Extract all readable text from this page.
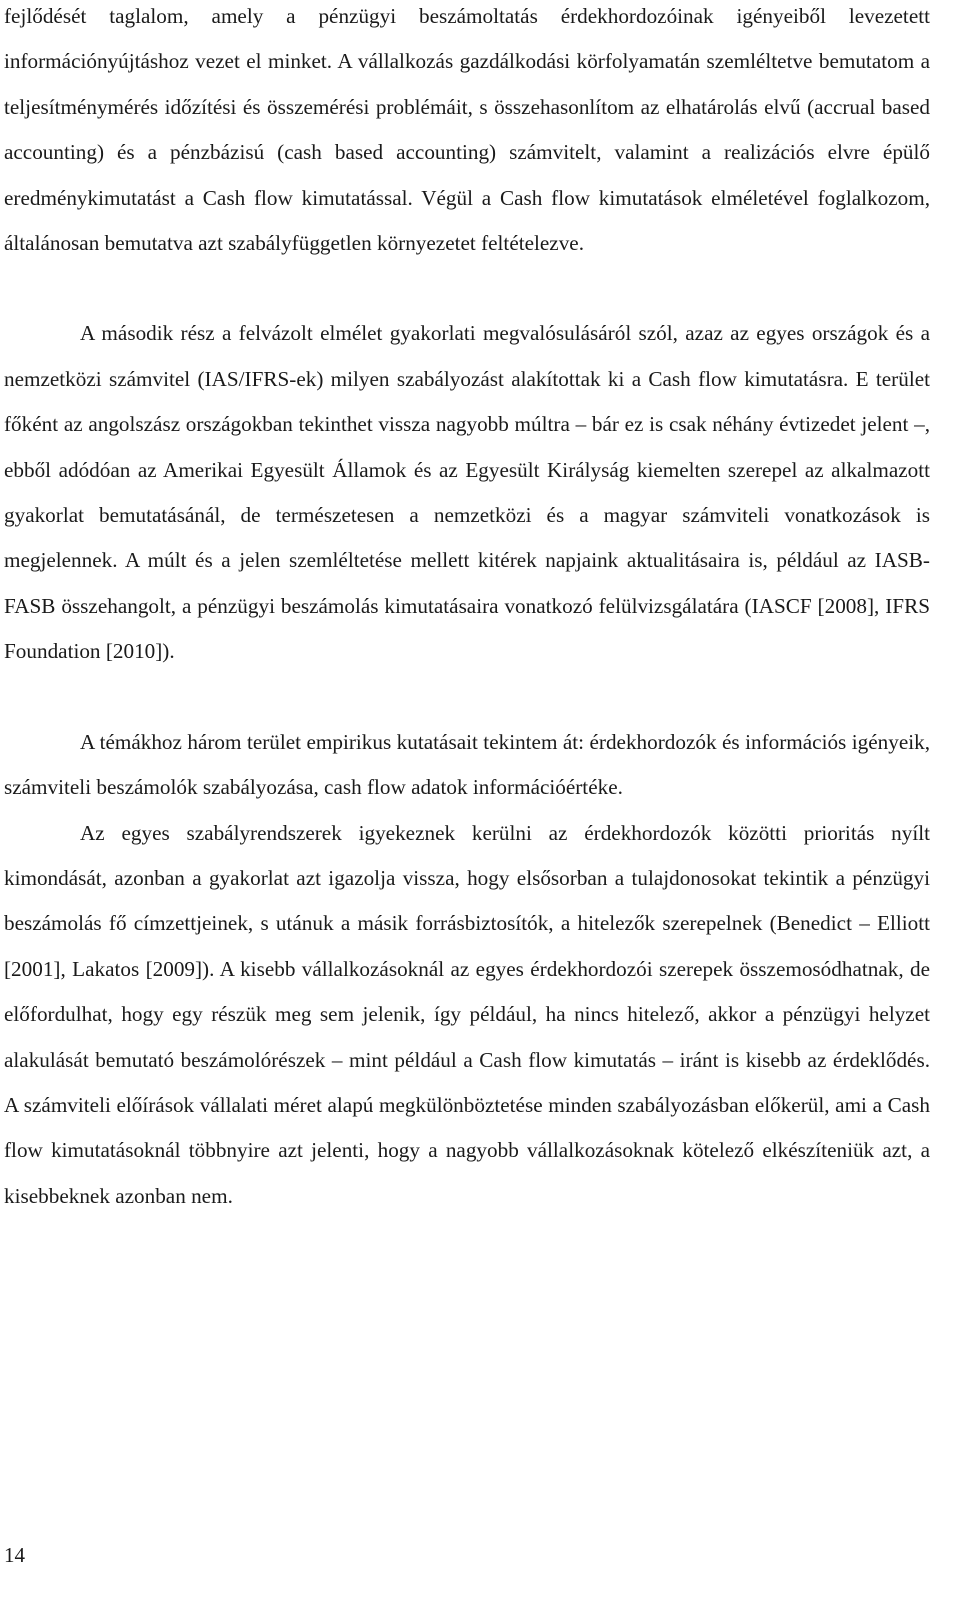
fejlődését taglalom, amely a pénzügyi beszámoltatás érdekhordozóinak igényeiből levezetett információnyújtáshoz vezet el minket. A vállalkozás gazdálkodási körfolyamatán szemléltetve bemutatom a teljesítménymérés időzítési és összemérési problémáit, s összehasonlítom az elhatárolás elvű (accrual based accounting) és a pénzbázisú (cash based accounting) számvitelt, valamint a realizációs elvre épülő eredménykimutatást a Cash flow kimutatással. Végül a Cash flow kimutatások elméletével foglalkozom, általánosan bemutatva azt szabályfüggetlen környezetet feltételezve.

A második rész a felvázolt elmélet gyakorlati megvalósulásáról szól, azaz az egyes országok és a nemzetközi számvitel (IAS/IFRS-ek) milyen szabályozást alakítottak ki a Cash flow kimutatásra. E terület főként az angolszász országokban tekinthet vissza nagyobb múltra – bár ez is csak néhány évtizedet jelent –, ebből adódóan az Amerikai Egyesült Államok és az Egyesült Királyság kiemelten szerepel az alkalmazott gyakorlat bemutatásánál, de természetesen a nemzetközi és a magyar számviteli vonatkozások is megjelennek. A múlt és a jelen szemléltetése mellett kitérek napjaink aktualitásaira is, például az IASB-FASB összehangolt, a pénzügyi beszámolás kimutatásaira vonatkozó felülvizsgálatára (IASCF [2008], IFRS Foundation [2010]).

A témákhoz három terület empirikus kutatásait tekintem át: érdekhordozók és információs igényeik, számviteli beszámolók szabályozása, cash flow adatok információértéke.

Az egyes szabályrendszerek igyekeznek kerülni az érdekhordozók közötti prioritás nyílt kimondását, azonban a gyakorlat azt igazolja vissza, hogy elsősorban a tulajdonosokat tekintik a pénzügyi beszámolás fő címzettjeinek, s utánuk a másik forrásbiztosítók, a hitelezők szerepelnek (Benedict – Elliott [2001], Lakatos [2009]). A kisebb vállalkozásoknál az egyes érdekhordozói szerepek összemosódhatnak, de előfordulhat, hogy egy részük meg sem jelenik, így például, ha nincs hitelező, akkor a pénzügyi helyzet alakulását bemutató beszámolórészek – mint például a Cash flow kimutatás – iránt is kisebb az érdeklődés. A számviteli előírások vállalati méret alapú megkülönböztetése minden szabályozásban előkerül, ami a Cash flow kimutatásoknál többnyire azt jelenti, hogy a nagyobb vállalkozásoknak kötelező elkészíteniük azt, a kisebbeknek azonban nem.

14
